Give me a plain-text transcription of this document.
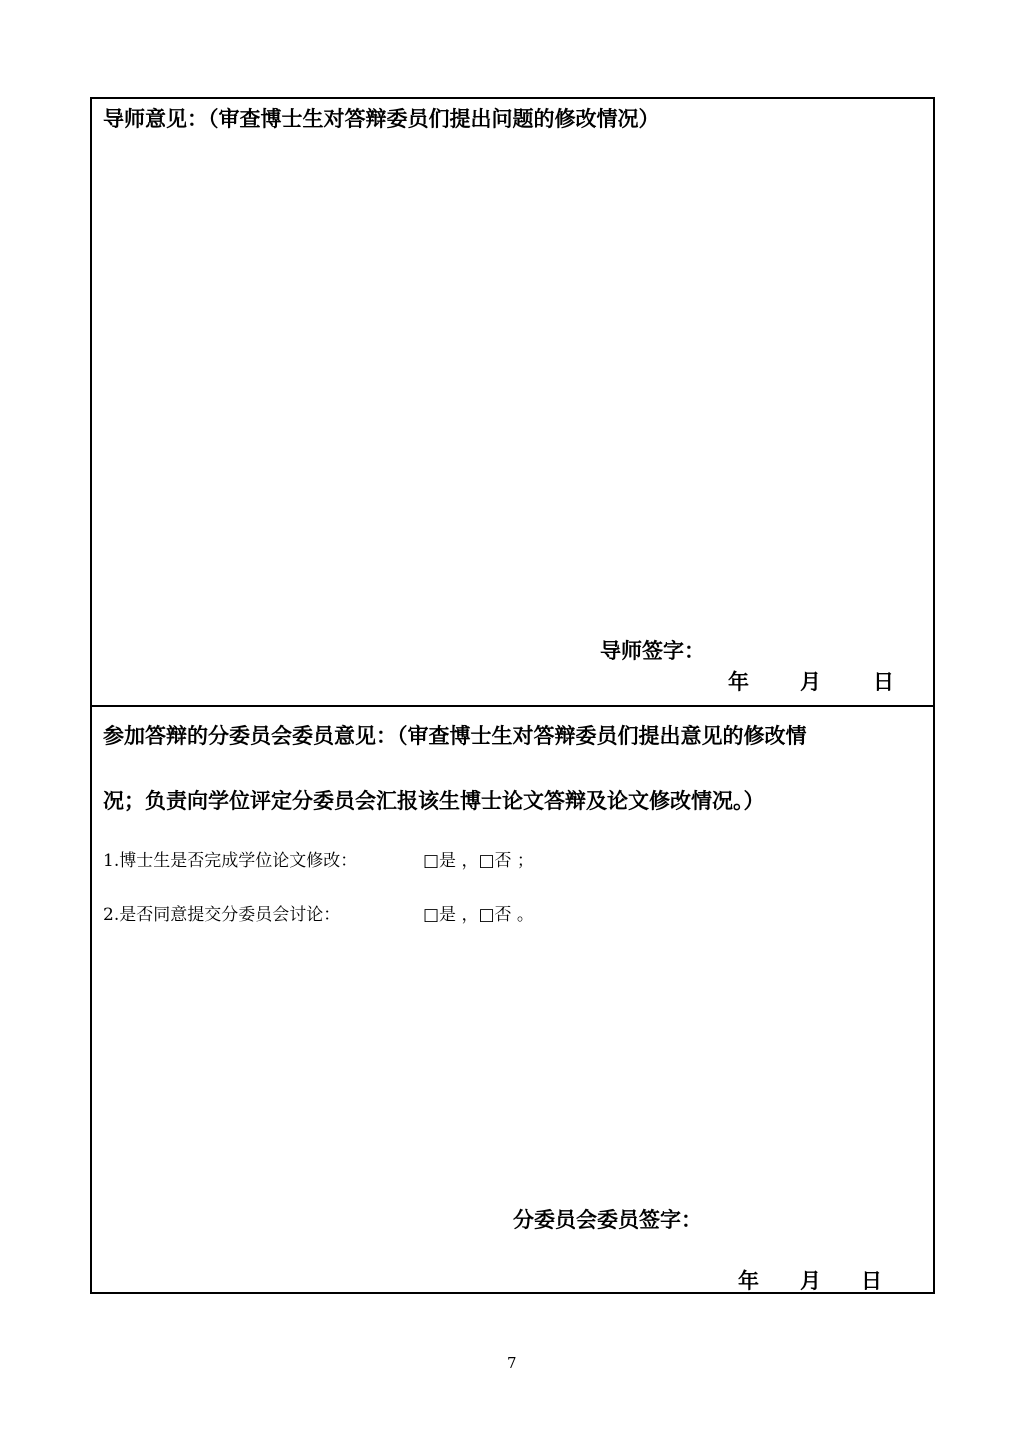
导师意见：（审查博士生对答辩委员们提出问题的修改情况）
导师签字：
年 月 日
参加答辩的分委员会委员意见：（审查博士生对答辩委员们提出意见的修改情
况；负责向学位评定分委员会汇报该生博士论文答辩及论文修改情况。）
1.博士生是否完成学位论文修改：	□是 ，□否 ；
2.是否同意提交分委员会讨论：	□是 ，□否 。
分委员会委员签字：
年 月 日
7
